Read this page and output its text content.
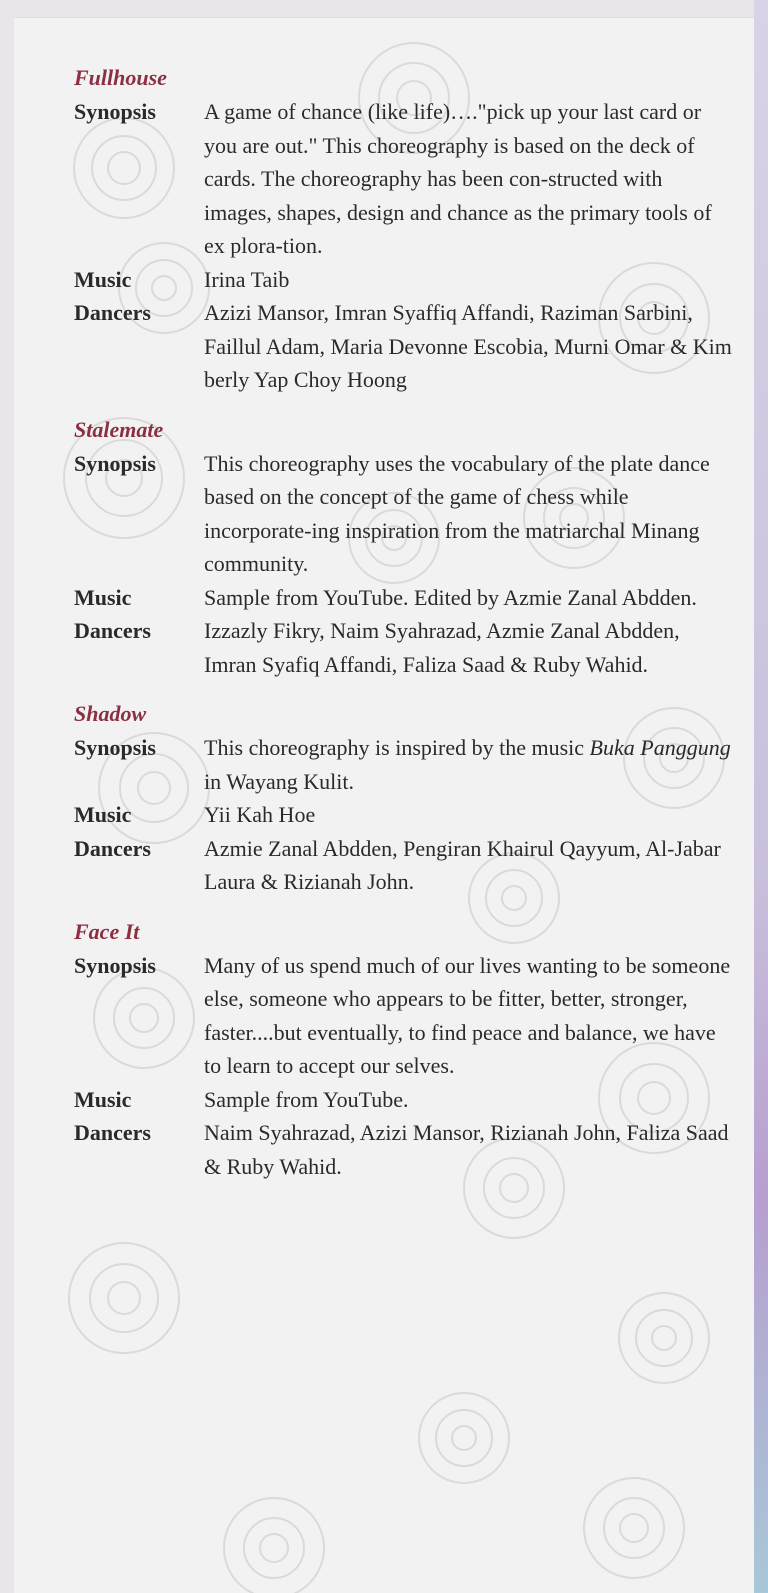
Fullhouse
Synopsis	A game of chance (like life)…."pick up your last card or you are out." This choreography is based on the deck of cards. The choreography has been con-structed with images, shapes, design and chance as the primary tools of ex plora-tion.
Music	Irina Taib
Dancers	Azizi Mansor, Imran Syaffiq Affandi, Raziman Sarbini, Faillul Adam, Maria Devonne Escobia, Murni Omar & Kim berly Yap Choy Hoong
Stalemate
Synopsis	This choreography uses the vocabulary of the plate dance based on the concept of the game of chess while incorporate-ing inspiration from the matriarchal Minang community.
Music	Sample from YouTube. Edited by Azmie Zanal Abdden.
Dancers	Izzazly Fikry, Naim Syahrazad, Azmie Zanal Abdden, Imran Syafiq Affandi, Faliza Saad & Ruby Wahid.
Shadow
Synopsis	This choreography is inspired by the music Buka Panggung in Wayang Kulit.
Music	Yii Kah Hoe
Dancers	Azmie Zanal Abdden, Pengiran Khairul Qayyum, Al-Jabar Laura & Rizianah John.
Face It
Synopsis	Many of us spend much of our lives wanting to be someone else, someone who appears to be fitter, better, stronger, faster....but eventually, to find peace and balance, we have to learn to accept our selves.
Music	Sample from YouTube.
Dancers	Naim Syahrazad, Azizi Mansor, Rizianah John, Faliza Saad & Ruby Wahid.
